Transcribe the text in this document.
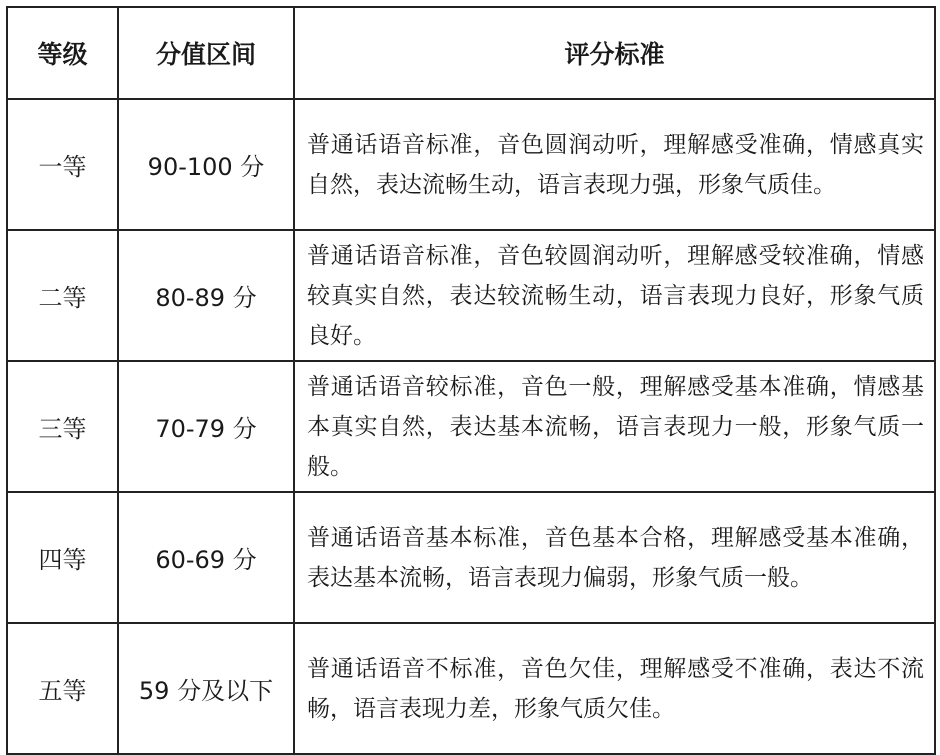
等级	分值区间	评分标准
一等	90-100 分	普通话语音标准，音色圆润动听，理解感受准确，情感真实自然，表达流畅生动，语言表现力强，形象气质佳。
二等	80-89 分	普通话语音标准，音色较圆润动听，理解感受较准确，情感较真实自然，表达较流畅生动，语言表现力良好，形象气质良好。
三等	70-79 分	普通话语音较标准，音色一般，理解感受基本准确，情感基本真实自然，表达基本流畅，语言表现力一般，形象气质一般。
四等	60-69 分	普通话语音基本标准，音色基本合格，理解感受基本准确，表达基本流畅，语言表现力偏弱，形象气质一般。
五等	59 分及以下	普通话语音不标准，音色欠佳，理解感受不准确，表达不流畅，语言表现力差，形象气质欠佳。
